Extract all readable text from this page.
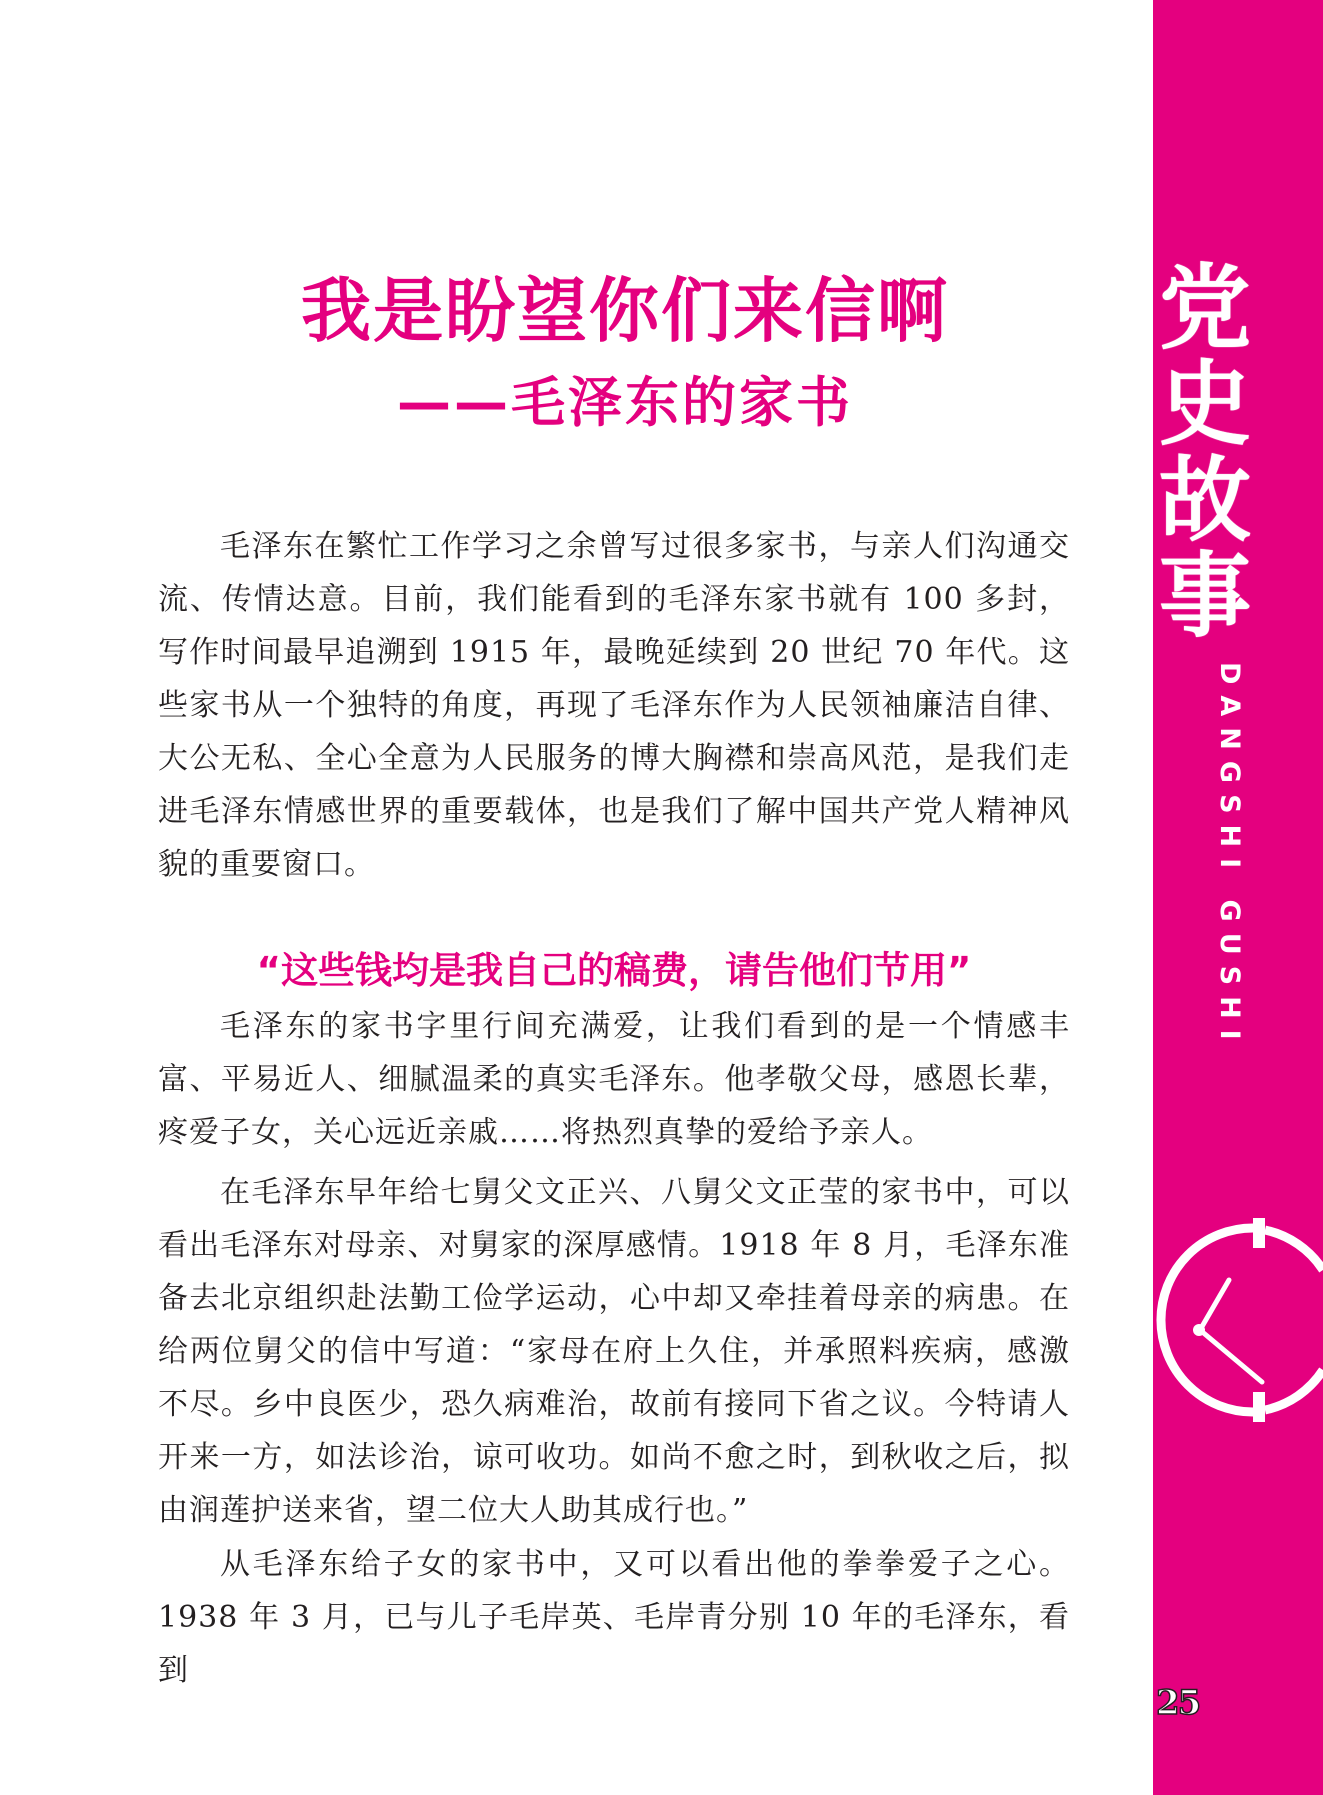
党
史
故
事
DANGSHI GUSHI
25
我是盼望你们来信啊
——毛泽东的家书

毛泽东在繁忙工作学习之余曾写过很多家书，与亲人们沟通交流、传情达意。目前，我们能看到的毛泽东家书就有 100 多封，写作时间最早追溯到 1915 年，最晚延续到 20 世纪 70 年代。这些家书从一个独特的角度，再现了毛泽东作为人民领袖廉洁自律、大公无私、全心全意为人民服务的博大胸襟和崇高风范，是我们走进毛泽东情感世界的重要载体，也是我们了解中国共产党人精神风貌的重要窗口。

“这些钱均是我自己的稿费，请告他们节用”

毛泽东的家书字里行间充满爱，让我们看到的是一个情感丰富、平易近人、细腻温柔的真实毛泽东。他孝敬父母，感恩长辈，疼爱子女，关心远近亲戚……将热烈真挚的爱给予亲人。

在毛泽东早年给七舅父文正兴、八舅父文正莹的家书中，可以看出毛泽东对母亲、对舅家的深厚感情。1918 年 8 月，毛泽东准备去北京组织赴法勤工俭学运动，心中却又牵挂着母亲的病患。在给两位舅父的信中写道：“家母在府上久住，并承照料疾病，感激不尽。乡中良医少，恐久病难治，故前有接同下省之议。今特请人开来一方，如法诊治，谅可收功。如尚不愈之时，到秋收之后，拟由润莲护送来省，望二位大人助其成行也。”

从毛泽东给子女的家书中，又可以看出他的拳拳爱子之心。1938 年 3 月，已与儿子毛岸英、毛岸青分别 10 年的毛泽东，看到
